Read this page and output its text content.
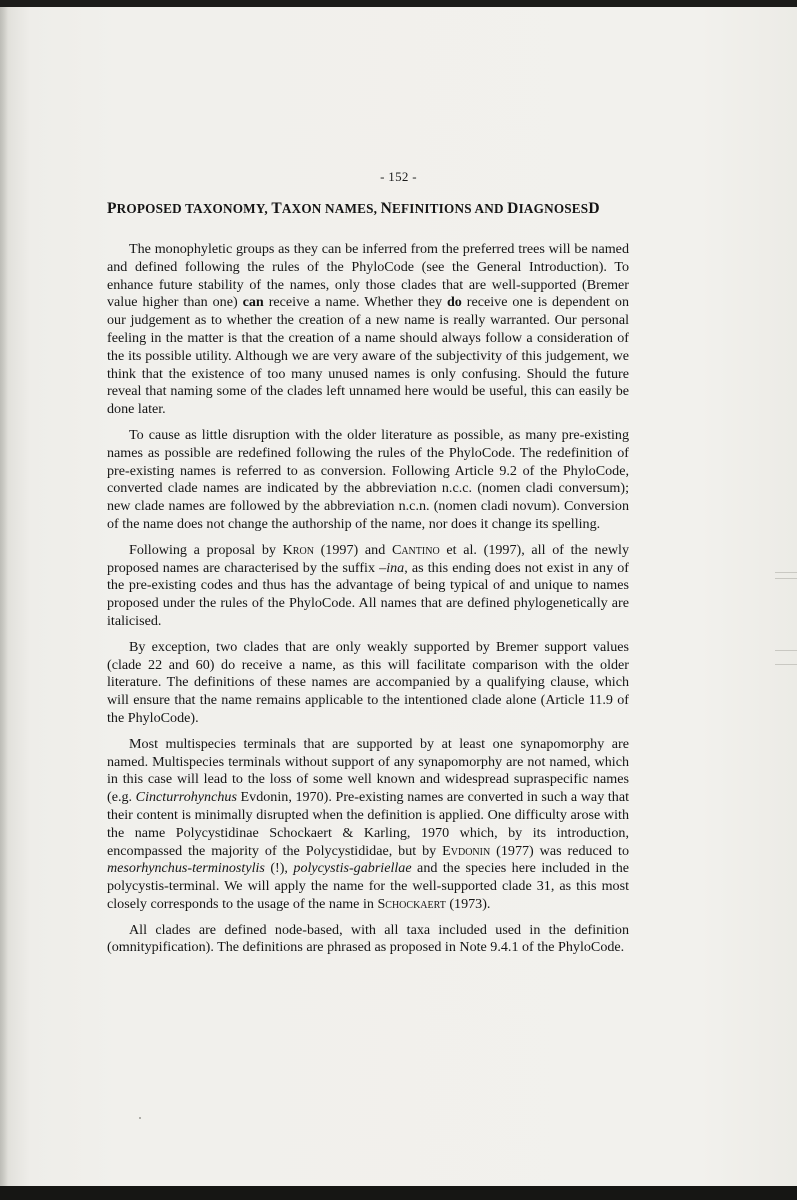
- 152 -
PROPOSED TAXONOMY, TAXON NAMES, NEFINITIONS AND DIAGNOSESD

The monophyletic groups as they can be inferred from the preferred trees will be named and defined following the rules of the PhyloCode (see the General Introduction). To enhance future stability of the names, only those clades that are well-supported (Bremer value higher than one) can receive a name. Whether they do receive one is dependent on our judgement as to whether the creation of a new name is really warranted. Our personal feeling in the matter is that the creation of a name should always follow a consideration of the its possible utility. Although we are very aware of the subjectivity of this judgement, we think that the existence of too many unused names is only confusing. Should the future reveal that naming some of the clades left unnamed here would be useful, this can easily be done later.

To cause as little disruption with the older literature as possible, as many pre-existing names as possible are redefined following the rules of the PhyloCode. The redefinition of pre-existing names is referred to as conversion. Following Article 9.2 of the PhyloCode, converted clade names are indicated by the abbreviation n.c.c. (nomen cladi conversum); new clade names are followed by the abbreviation n.c.n. (nomen cladi novum). Conversion of the name does not change the authorship of the name, nor does it change its spelling.

Following a proposal by Kron (1997) and Cantino et al. (1997), all of the newly proposed names are characterised by the suffix –ina, as this ending does not exist in any of the pre-existing codes and thus has the advantage of being typical of and unique to names proposed under the rules of the PhyloCode. All names that are defined phylogenetically are italicised.

By exception, two clades that are only weakly supported by Bremer support values (clade 22 and 60) do receive a name, as this will facilitate comparison with the older literature. The definitions of these names are accompanied by a qualifying clause, which will ensure that the name remains applicable to the intentioned clade alone (Article 11.9 of the PhyloCode).

Most multispecies terminals that are supported by at least one synapomorphy are named. Multispecies terminals without support of any synapomorphy are not named, which in this case will lead to the loss of some well known and widespread supraspecific names (e.g. Cincturrohynchus Evdonin, 1970). Pre-existing names are converted in such a way that their content is minimally disrupted when the definition is applied. One difficulty arose with the name Polycystidinae Schockaert & Karling, 1970 which, by its introduction, encompassed the majority of the Polycystididae, but by Evdonin (1977) was reduced to mesorhynchus-terminostylis (!), polycystis-gabriellae and the species here included in the polycystis-terminal. We will apply the name for the well-supported clade 31, as this most closely corresponds to the usage of the name in Schockaert (1973).

All clades are defined node-based, with all taxa included used in the definition (omnitypification). The definitions are phrased as proposed in Note 9.4.1 of the PhyloCode.
